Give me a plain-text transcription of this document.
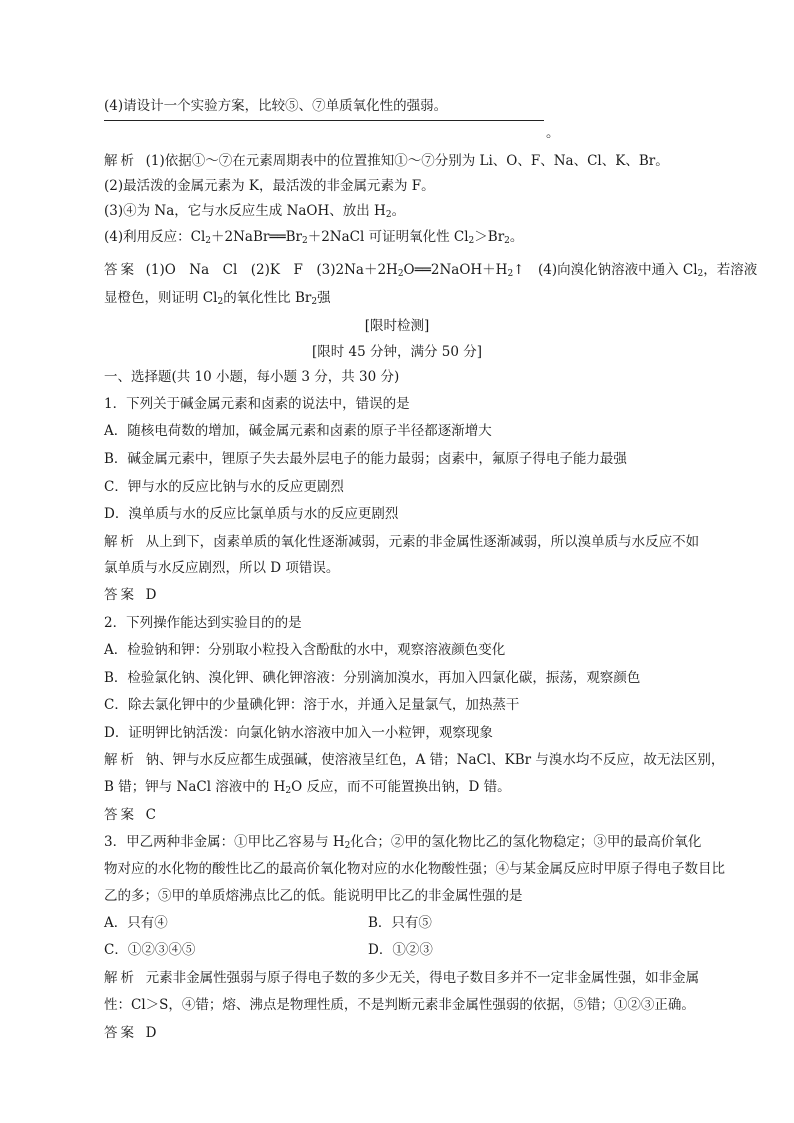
(4)请设计一个实验方案，比较⑤、⑦单质氧化性的强弱。
。
解析 (1)依据①～⑦在元素周期表中的位置推知①～⑦分别为 Li、O、F、Na、Cl、K、Br。
(2)最活泼的金属元素为 K，最活泼的非金属元素为 F。
(3)④为 Na，它与水反应生成 NaOH、放出 $H_2$。
(4)利用反应：$Cl_2+2NaBr══Br_2+2NaCl$ 可证明氧化性 $Cl_2>Br_2$。
答案 (1)O　Na　Cl　(2)K　F　$(3)2Na+2H_2O══2NaOH+H_2↑$　(4)向溴化钠溶液中通入 $Cl_2$，若溶液
显橙色，则证明 $Cl_2$的氧化性比 $Br_2$强
[限时检测]
[限时 45 分钟，满分 50 分]
一、选择题(共 10 小题，每小题 3 分，共 30 分)
1．下列关于碱金属元素和卤素的说法中，错误的是
A．随核电荷数的增加，碱金属元素和卤素的原子半径都逐渐增大
B．碱金属元素中，锂原子失去最外层电子的能力最弱；卤素中，氟原子得电子能力最强
C．钾与水的反应比钠与水的反应更剧烈
D．溴单质与水的反应比氯单质与水的反应更剧烈
解析 从上到下，卤素单质的氧化性逐渐减弱，元素的非金属性逐渐减弱，所以溴单质与水反应不如
氯单质与水反应剧烈，所以 D 项错误。
答案 D
2．下列操作能达到实验目的的是
A．检验钠和钾：分别取小粒投入含酚酞的水中，观察溶液颜色变化
B．检验氯化钠、溴化钾、碘化钾溶液：分别滴加溴水，再加入四氯化碳，振荡，观察颜色
C．除去氯化钾中的少量碘化钾：溶于水，并通入足量氯气，加热蒸干
D．证明钾比钠活泼：向氯化钠水溶液中加入一小粒钾，观察现象
解析 钠、钾与水反应都生成强碱，使溶液呈红色，A 错；NaCl、KBr 与溴水均不反应，故无法区别，
B 错；钾与 NaCl 溶液中的 $H_2O$ 反应，而不可能置换出钠，D 错。
答案 C
3．甲乙两种非金属：①甲比乙容易与 $H_2$化合；②甲的氢化物比乙的氢化物稳定；③甲的最高价氧化
物对应的水化物的酸性比乙的最高价氧化物对应的水化物酸性强；④与某金属反应时甲原子得电子数目比
乙的多；⑤甲的单质熔沸点比乙的低。能说明甲比乙的非金属性强的是
A．只有④	B．只有⑤
C．①②③④⑤	D．①②③
解析 元素非金属性强弱与原子得电子数的多少无关，得电子数目多并不一定非金属性强，如非金属
性：Cl＞S，④错；熔、沸点是物理性质，不是判断元素非金属性强弱的依据，⑤错；①②③正确。
答案 D
